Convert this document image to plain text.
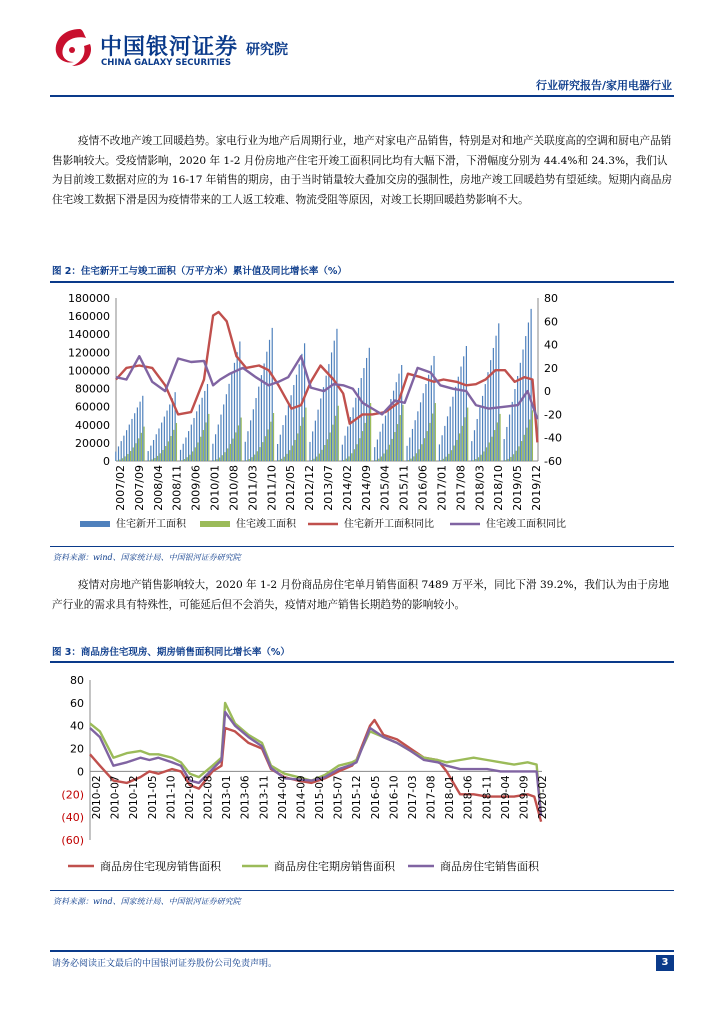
中国银河证券
CHINA GALAXY SECURITIES
研究院
行业研究报告/家用电器行业
疫情不改地产竣工回暖趋势。家电行业为地产后周期行业，地产对家电产品销售，特别是对和地产关联度高的空调和厨电产品销售影响较大。受疫情影响，2020 年 1-2 月份房地产住宅开竣工面积同比均有大幅下滑，下滑幅度分别为 44.4%和 24.3%，我们认为目前竣工数据对应的为 16-17 年销售的期房，由于当时销量较大叠加交房的强制性，房地产竣工回暖趋势有望延续。短期内商品房住宅竣工数据下滑是因为疫情带来的工人返工较难、物流受阻等原因，对竣工长期回暖趋势影响不大。
图 2：住宅新开工与竣工面积（万平方米）累计值及同比增长率（%）
180000
160000
140000
120000
100000
80000
60000
40000
20000
0
80
60
40
20
0
-20
-40
-60
2007/02 2007/09 2008/04 2008/11 2009/06 2010/01 2010/08 2011/03 2011/10 2012/05 2012/12 2013/07 2014/02 2014/09 2015/04 2015/11 2016/06 2017/01 2017/08 2018/03 2018/10 2019/05 2019/12
住宅新开工面积	住宅竣工面积	住宅新开工面积同比	住宅竣工面积同比
资料来源：wind、国家统计局、中国银河证券研究院
疫情对房地产销售影响较大，2020 年 1-2 月份商品房住宅单月销售面积 7489 万平米，同比下滑 39.2%，我们认为由于房地产行业的需求具有特殊性，可能延后但不会消失，疫情对地产销售长期趋势的影响较小。
图 3：商品房住宅现房、期房销售面积同比增长率（%）
80
60
40
20
0
(20)
(40)
(60)
2010-02 2010-07 2010-12 2011-05 2011-10 2012-03 2012-08 2013-01 2013-06 2013-11 2014-04 2014-09 2015-02 2015-07 2015-12 2016-05 2016-10 2017-03 2017-08 2018-01 2018-06 2018-11 2019-04 2019-09 2020-02
商品房住宅现房销售面积	商品房住宅期房销售面积	商品房住宅销售面积
资料来源：wind、国家统计局、中国银河证券研究院
请务必阅读正文最后的中国银河证券股份公司免责声明。	3
